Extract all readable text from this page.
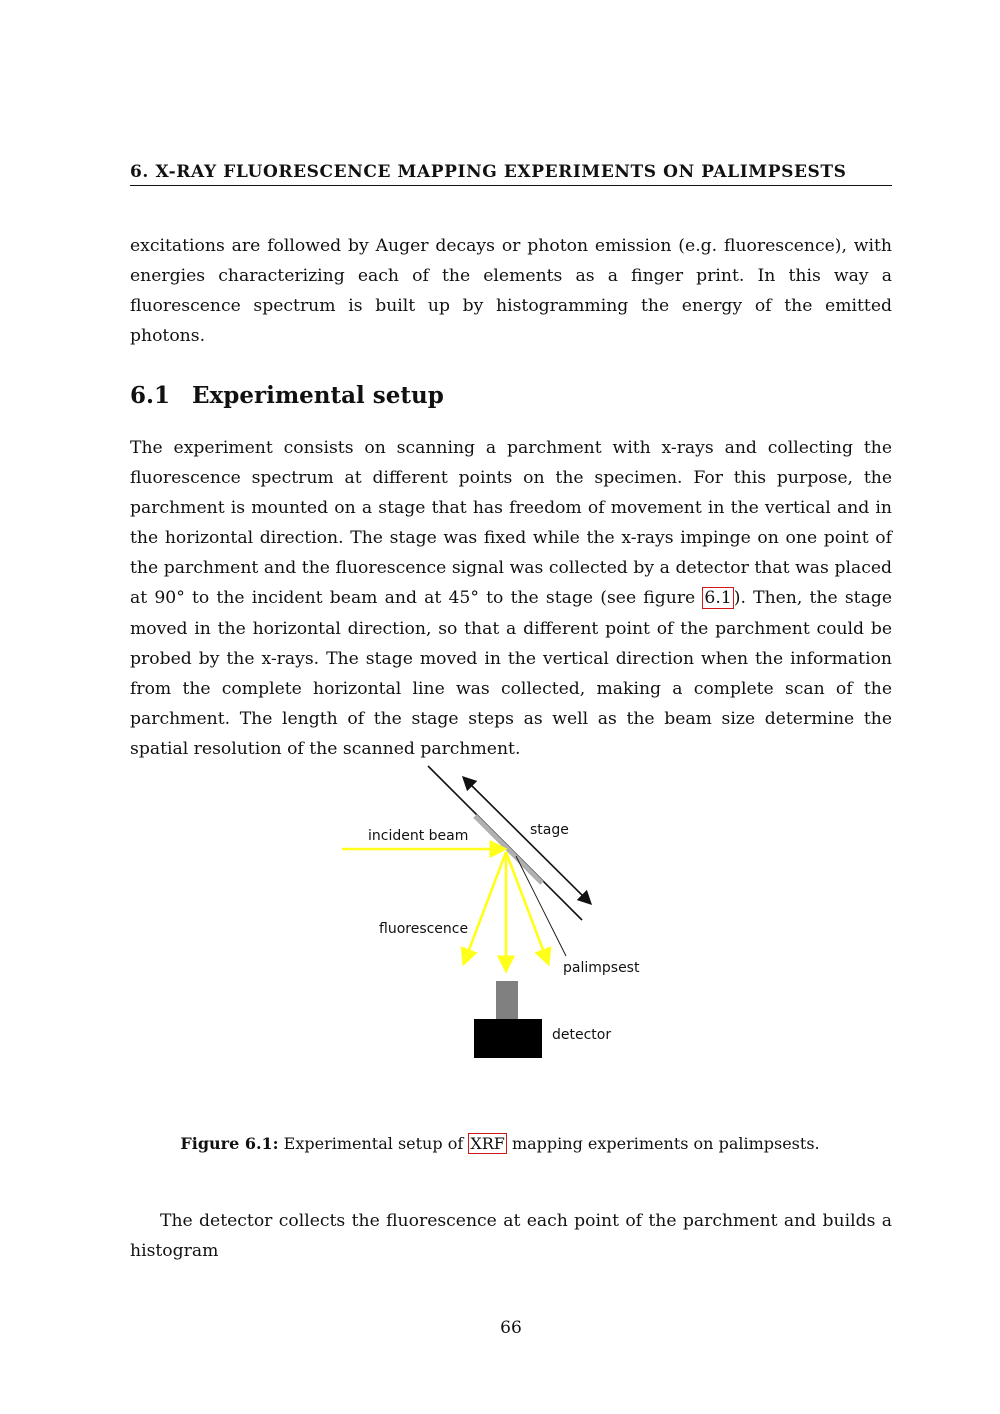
6. X-RAY FLUORESCENCE MAPPING EXPERIMENTS ON PALIMPSESTS

excitations are followed by Auger decays or photon emission (e.g. fluorescence), with energies characterizing each of the elements as a finger print. In this way a fluorescence spectrum is built up by histogramming the energy of the emitted photons.

6.1 Experimental setup

The experiment consists on scanning a parchment with x-rays and collecting the fluorescence spectrum at different points on the specimen. For this purpose, the parchment is mounted on a stage that has freedom of movement in the vertical and in the horizontal direction. The stage was fixed while the x-rays impinge on one point of the parchment and the fluorescence signal was collected by a detector that was placed at 90° to the incident beam and at 45° to the stage (see figure 6.1 ). Then, the stage moved in the horizontal direction, so that a different point of the parchment could be probed by the x-rays. The stage moved in the vertical direction when the information from the complete horizontal line was collected, making a complete scan of the parchment. The length of the stage steps as well as the beam size determine the spatial resolution of the scanned parchment.

incident beam	stage
fluorescence
palimpsest
detector
Figure 6.1: Experimental setup of XRF mapping experiments on palimpsests.

The detector collects the fluorescence at each point of the parchment and builds a histogram

66
